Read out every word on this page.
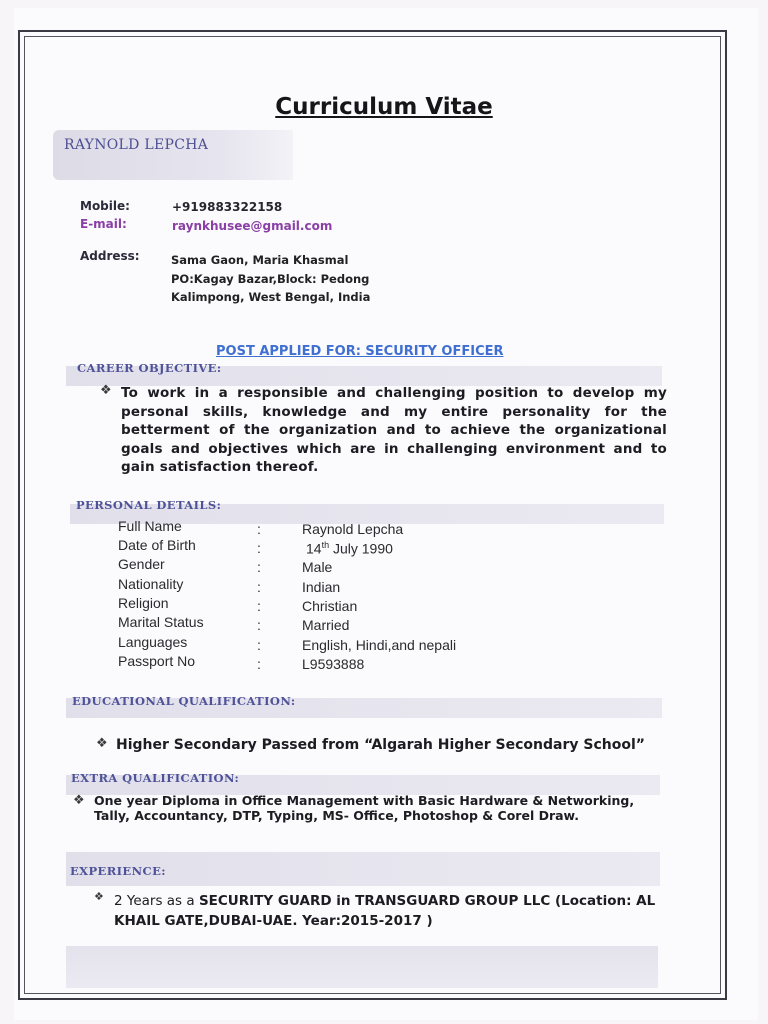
Curriculum Vitae
RAYNOLD LEPCHA
Mobile:	+919883322158
E-mail:	raynkhusee@gmail.com
Address:	Sama Gaon, Maria Khasmal
PO:Kagay Bazar,Block: Pedong
Kalimpong, West Bengal, India
POST APPLIED FOR: SECURITY OFFICER
CAREER OBJECTIVE:
❖ To work in a responsible and challenging position to develop my personal skills, knowledge and my entire personality for the betterment of the organization and to achieve the organizational goals and objectives which are in challenging environment and to gain satisfaction thereof.
PERSONAL DETAILS:
Full Name	:	Raynold Lepcha
Date of Birth	:	14th July 1990
Gender	:	Male
Nationality	:	Indian
Religion	:	Christian
Marital Status	:	Married
Languages	:	English, Hindi,and nepali
Passport No	:	L9593888
EDUCATIONAL QUALIFICATION:
❖ Higher Secondary Passed from “Algarah Higher Secondary School”
EXTRA QUALIFICATION:
❖ One year Diploma in Office Management with Basic Hardware & Networking, Tally, Accountancy, DTP, Typing, MS- Office, Photoshop & Corel Draw.
EXPERIENCE:
❖ 2 Years as a SECURITY GUARD in TRANSGUARD GROUP LLC (Location: AL KHAIL GATE,DUBAI-UAE. Year:2015-2017 )
